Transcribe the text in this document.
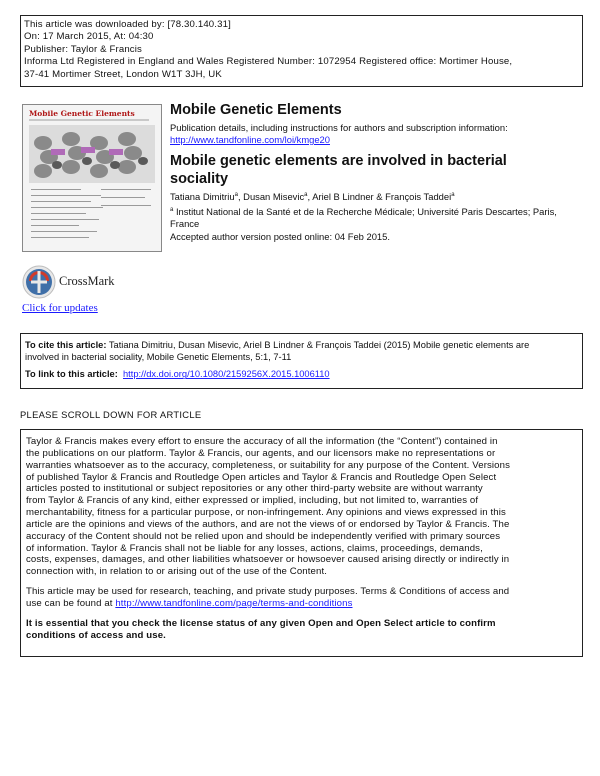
This article was downloaded by: [78.30.140.31]
On: 17 March 2015, At: 04:30
Publisher: Taylor & Francis
Informa Ltd Registered in England and Wales Registered Number: 1072954 Registered office: Mortimer House,
37-41 Mortimer Street, London W1T 3JH, UK
Mobile Genetic Elements Mobile Genetic Elements
Publication details, including instructions for authors and subscription information:
http://www.tandfonline.com/loi/kmge20
Mobile genetic elements are involved in bacterial
sociality
Tatiana Dimitriu$^a$, Dusan Misevic$^a$, Ariel B Lindner & François Taddei$^a$
$^a$ Institut National de la Santé et de la Recherche Médicale; Université Paris Descartes; Paris,
France
Accepted author version posted online: 04 Feb 2015.
CrossMark
Click for updates
To cite this article: Tatiana Dimitriu, Dusan Misevic, Ariel B Lindner & François Taddei (2015) Mobile genetic elements are
involved in bacterial sociality, Mobile Genetic Elements, 5:1, 7-11
To link to this article: http://dx.doi.org/10.1080/2159256X.2015.1006110
PLEASE SCROLL DOWN FOR ARTICLE

Taylor & Francis makes every effort to ensure the accuracy of all the information (the “Content”) contained in
the publications on our platform. Taylor & Francis, our agents, and our licensors make no representations or
warranties whatsoever as to the accuracy, completeness, or suitability for any purpose of the Content. Versions
of published Taylor & Francis and Routledge Open articles and Taylor & Francis and Routledge Open Select
articles posted to institutional or subject repositories or any other third-party website are without warranty
from Taylor & Francis of any kind, either expressed or implied, including, but not limited to, warranties of
merchantability, fitness for a particular purpose, or non-infringement. Any opinions and views expressed in this
article are the opinions and views of the authors, and are not the views of or endorsed by Taylor & Francis. The
accuracy of the Content should not be relied upon and should be independently verified with primary sources
of information. Taylor & Francis shall not be liable for any losses, actions, claims, proceedings, demands,
costs, expenses, damages, and other liabilities whatsoever or howsoever caused arising directly or indirectly in
connection with, in relation to or arising out of the use of the Content.

This article may be used for research, teaching, and private study purposes. Terms & Conditions of access and
use can be found at http://www.tandfonline.com/page/terms-and-conditions

It is essential that you check the license status of any given Open and Open Select article to confirm
conditions of access and use.
